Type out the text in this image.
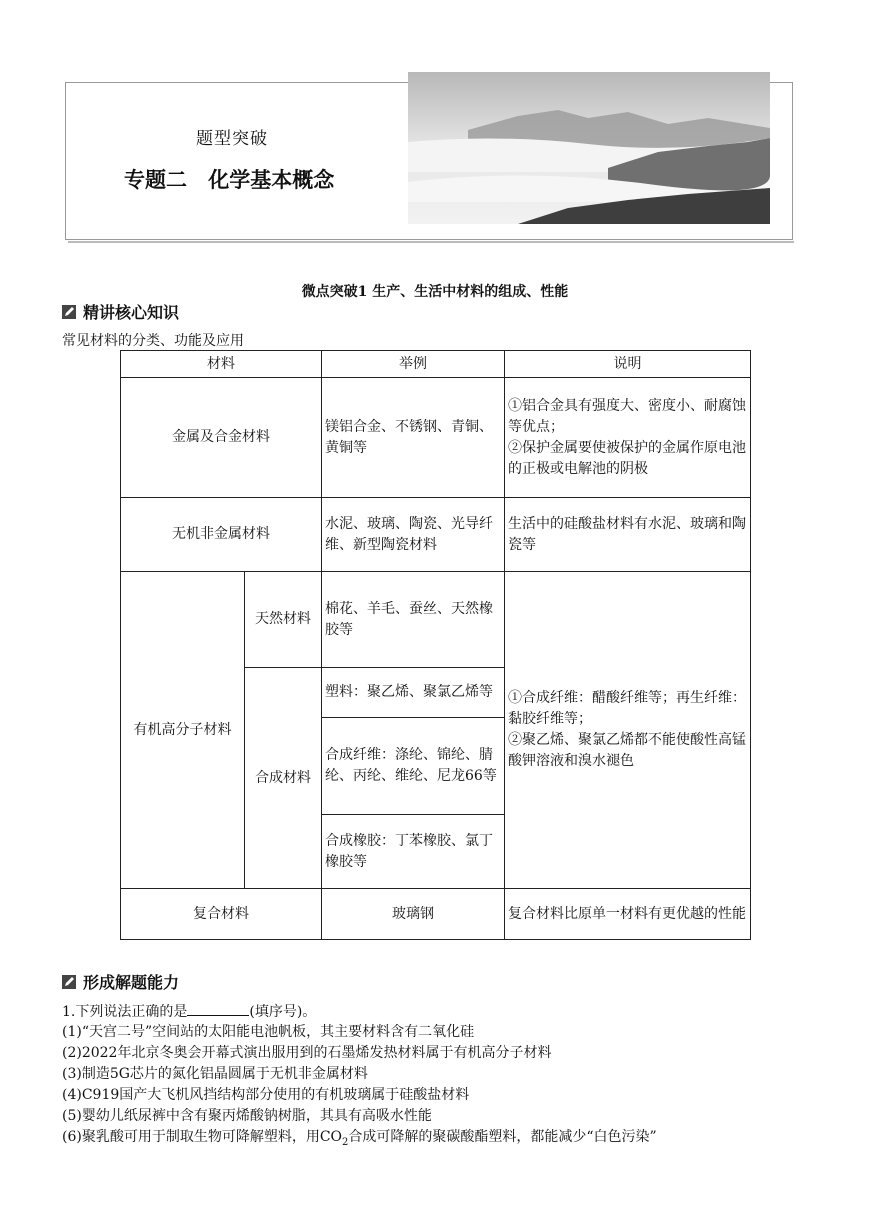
题型突破
专题二 化学基本概念
微点突破1 生产、生活中材料的组成、性能
精讲核心知识
常见材料的分类、功能及应用
材料		举例	说明
金属及合金材料		镁铝合金、不锈钢、青铜、黄铜等	①铝合金具有强度大、密度小、耐腐蚀等优点；
②保护金属要使被保护的金属作原电池的正极或电解池的阴极

无机非金属材料		水泥、玻璃、陶瓷、光导纤维、新型陶瓷材料	生活中的硅酸盐材料有水泥、玻璃和陶瓷等
有机高分子材料	天然材料	棉花、羊毛、蚕丝、天然橡胶等	①合成纤维：醋酸纤维等；再生纤维：黏胶纤维等；
②聚乙烯、聚氯乙烯都不能使酸性高锰酸钾溶液和溴水褪色

	合成材料	塑料：聚乙烯、聚氯乙烯等	
		合成纤维：涤纶、锦纶、腈纶、丙纶、维纶、尼龙66等	
		合成橡胶：丁苯橡胶、氯丁橡胶等	
复合材料		玻璃钢	复合材料比原单一材料有更优越的性能
形成解题能力
1.下列说法正确的是	(填序号)。
(1)“天宫二号”空间站的太阳能电池帆板，其主要材料含有二氧化硅
(2)2022年北京冬奥会开幕式演出服用到的石墨烯发热材料属于有机高分子材料
(3)制造5G芯片的氮化铝晶圆属于无机非金属材料
(4)C919国产大飞机风挡结构部分使用的有机玻璃属于硅酸盐材料
(5)婴幼儿纸尿裤中含有聚丙烯酸钠树脂，其具有高吸水性能
(6)聚乳酸可用于制取生物可降解塑料，用$CO_2$合成可降解的聚碳酸酯塑料，都能减少“白色污染”
